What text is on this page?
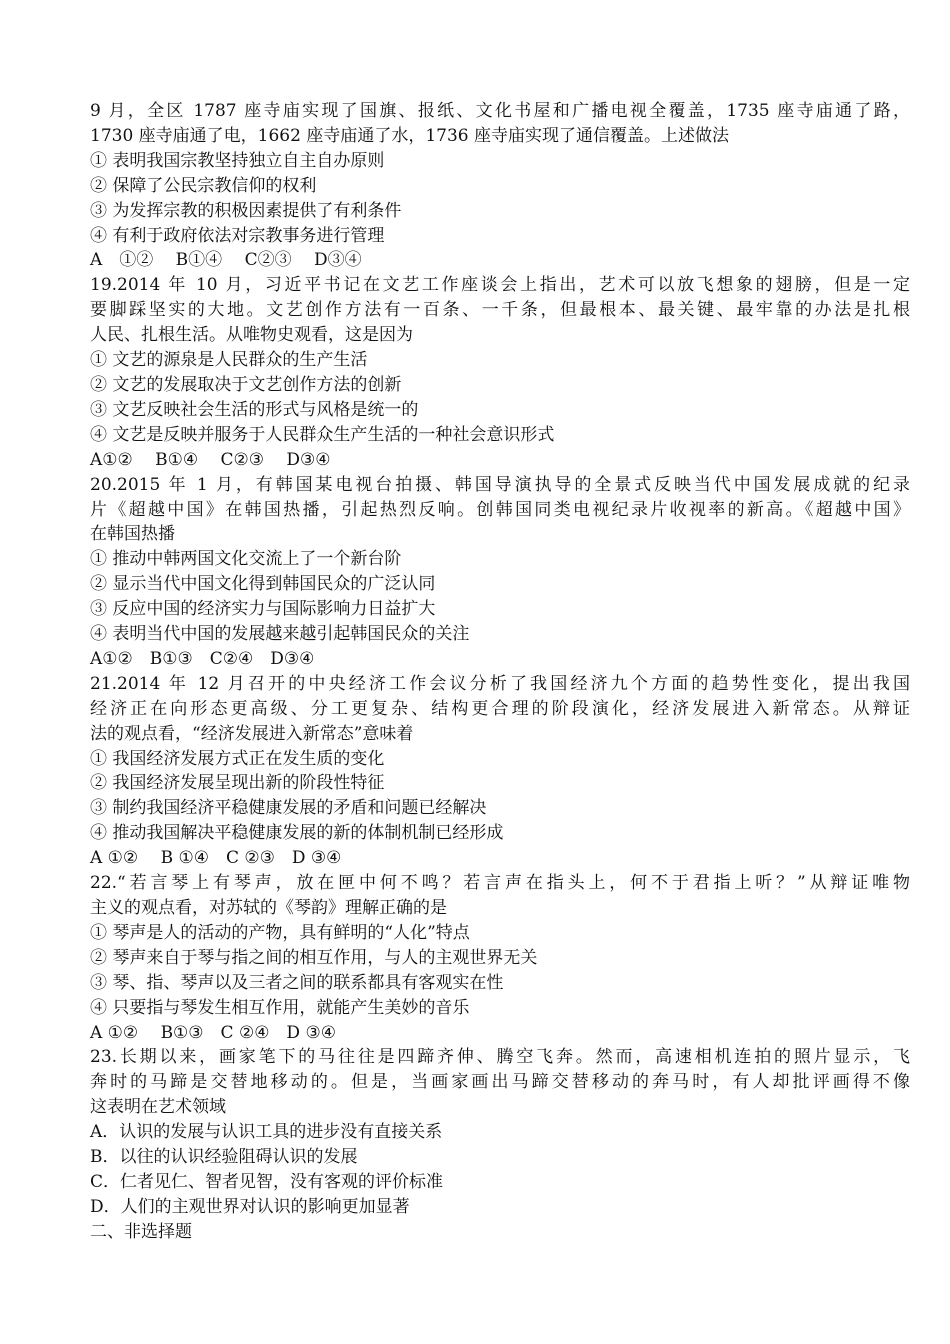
9 月，全区 1787 座寺庙实现了国旗、报纸、文化书屋和广播电视全覆盖，1735 座寺庙通了路，
1730 座寺庙通了电，1662 座寺庙通了水，1736 座寺庙实现了通信覆盖。上述做法
① 表明我国宗教坚持独立自主自办原则
② 保障了公民宗教信仰的权利
③ 为发挥宗教的积极因素提供了有利条件
④ 有利于政府依法对宗教事务进行管理
A　①②　 B①④　 C②③　 D③④
19.2014 年 10 月，习近平书记在文艺工作座谈会上指出，艺术可以放飞想象的翅膀，但是一定
要脚踩坚实的大地。文艺创作方法有一百条、一千条，但最根本、最关键、最牢靠的办法是扎根
人民、扎根生活。从唯物史观看，这是因为
① 文艺的源泉是人民群众的生产生活
② 文艺的发展取决于文艺创作方法的创新
③ 文艺反映社会生活的形式与风格是统一的
④ 文艺是反映并服务于人民群众生产生活的一种社会意识形式
A①②　 B①④　 C②③　 D③④
20.2015 年 1 月，有韩国某电视台拍摄、韩国导演执导的全景式反映当代中国发展成就的纪录
片《超越中国》在韩国热播，引起热烈反响。创韩国同类电视纪录片收视率的新高。《超越中国》
在韩国热播
① 推动中韩两国文化交流上了一个新台阶
② 显示当代中国文化得到韩国民众的广泛认同
③ 反应中国的经济实力与国际影响力日益扩大
④ 表明当代中国的发展越来越引起韩国民众的关注
A①②　B①③　C②④　D③④
21.2014 年 12 月召开的中央经济工作会议分析了我国经济九个方面的趋势性变化，提出我国
经济正在向形态更高级、分工更复杂、结构更合理的阶段演化，经济发展进入新常态。从辩证
法的观点看，“经济发展进入新常态”意味着
① 我国经济发展方式正在发生质的变化
② 我国经济发展呈现出新的阶段性特征
③ 制约我国经济平稳健康发展的矛盾和问题已经解决
④ 推动我国解决平稳健康发展的新的体制机制已经形成
A ①②　 B ①④　C ②③　D ③④
22.“若言琴上有琴声，放在匣中何不鸣？若言声在指头上，何不于君指上听？”从辩证唯物
主义的观点看，对苏轼的《琴韵》理解正确的是
① 琴声是人的活动的产物，具有鲜明的“人化”特点
② 琴声来自于琴与指之间的相互作用，与人的主观世界无关
③ 琴、指、琴声以及三者之间的联系都具有客观实在性
④ 只要指与琴发生相互作用，就能产生美妙的音乐
A ①②　 B①③　C ②④　D ③④
23.长期以来，画家笔下的马往往是四蹄齐伸、腾空飞奔。然而，高速相机连拍的照片显示，飞
奔时的马蹄是交替地移动的。但是，当画家画出马蹄交替移动的奔马时，有人却批评画得不像
这表明在艺术领域
A．认识的发展与认识工具的进步没有直接关系
B．以往的认识经验阻碍认识的发展
C．仁者见仁、智者见智，没有客观的评价标准
D．人们的主观世界对认识的影响更加显著
二、非选择题
